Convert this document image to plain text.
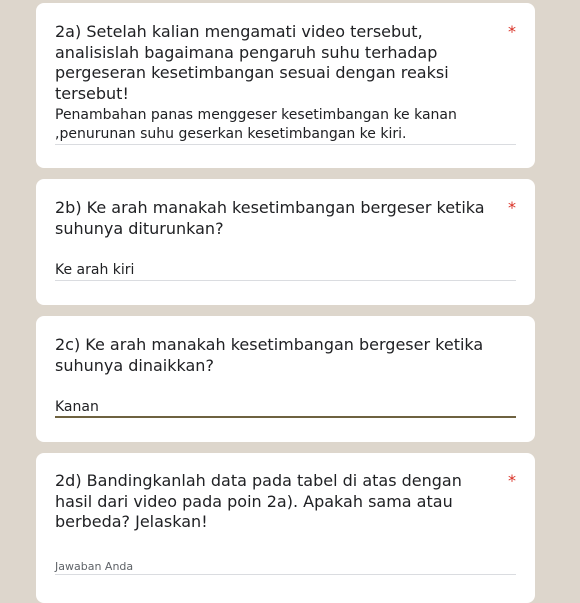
2a) Setelah kalian mengamati video tersebut, analisislah bagaimana pengaruh suhu terhadap pergeseran kesetimbangan sesuai dengan reaksi tersebut!

*

Penambahan panas menggeser kesetimbangan ke kanan ,penurunan suhu geserkan kesetimbangan ke kiri.

2b) Ke arah manakah kesetimbangan bergeser ketika suhunya diturunkan?

*

Ke arah kiri

2c) Ke arah manakah kesetimbangan bergeser ketika suhunya dinaikkan?

Kanan

2d) Bandingkanlah data pada tabel di atas dengan hasil dari video pada poin 2a). Apakah sama atau berbeda? Jelaskan!

*

Jawaban Anda
